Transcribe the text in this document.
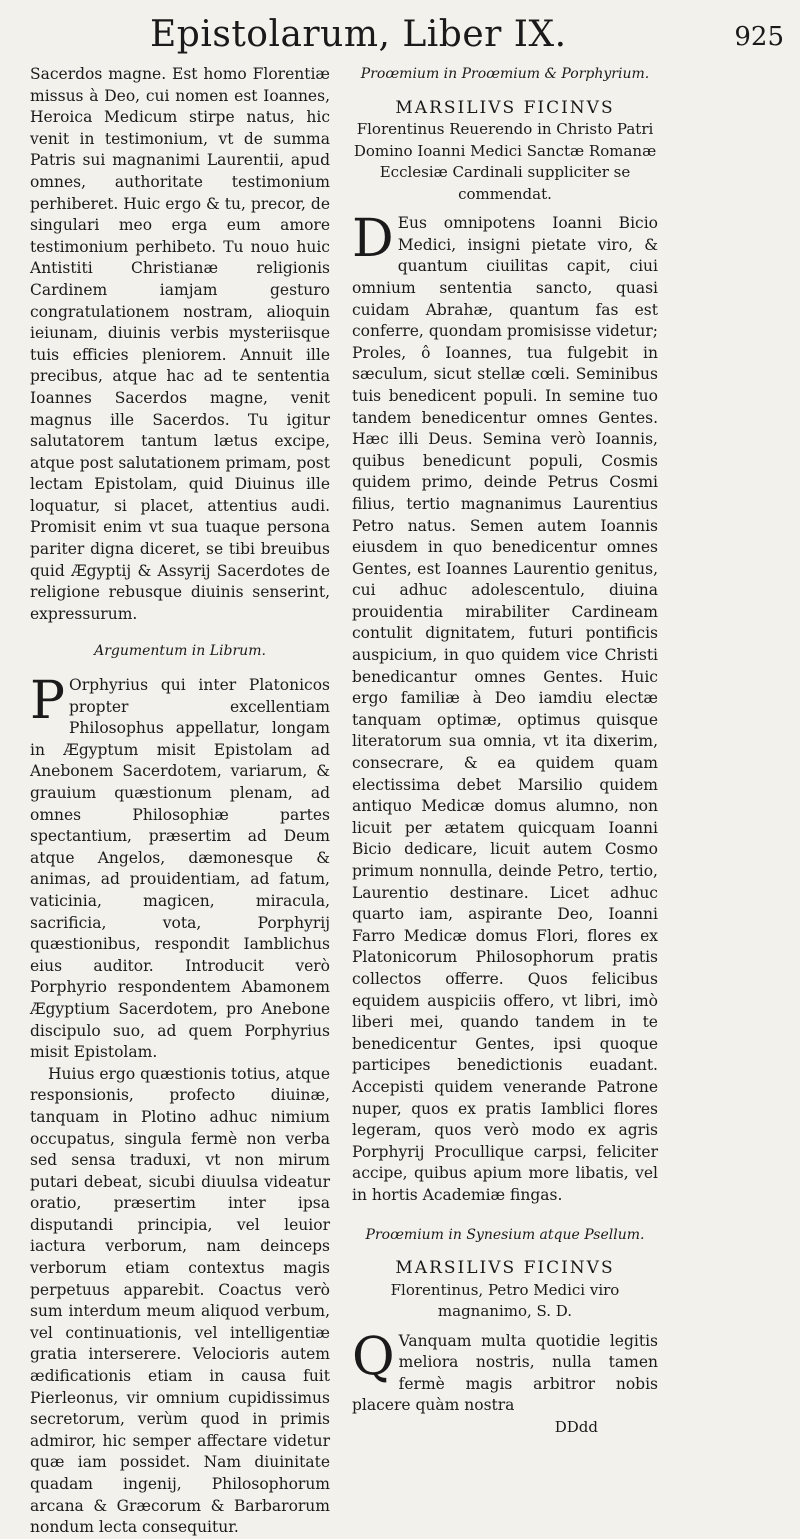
Epistolarum, Liber IX.	925

Sacerdos magne. Est homo Florentiæ missus à Deo, cui nomen est Ioannes, Heroica Medicum stirpe natus, hic venit in testimonium, vt de summa Patris sui magnanimi Laurentii, apud omnes, authoritate testimonium perhiberet. Huic ergo & tu, precor, de singulari meo erga eum amore testimonium perhibeto. Tu nouo huic Antistiti Christianæ religionis Cardinem iamjam gesturo congratulationem nostram, alioquin ieiunam, diuinis verbis mysteriisque tuis efficies pleniorem. Annuit ille precibus, atque hac ad te sententia Ioannes Sacerdos magne, venit magnus ille Sacerdos. Tu igitur salutatorem tantum lætus excipe, atque post salutationem primam, post lectam Epistolam, quid Diuinus ille loquatur, si placet, attentius audi. Promisit enim vt sua tuaque persona pariter digna diceret, se tibi breuibus quid Ægyptij & Assyrij Sacerdotes de religione rebusque diuinis senserint, expressurum.

Argumentum in Librum.

P Orphyrius qui inter Platonicos propter excellentiam Philosophus appellatur, longam in Ægyptum misit Epistolam ad Anebonem Sacerdotem, variarum, & grauium quæstionum plenam, ad omnes Philosophiæ partes spectantium, præsertim ad Deum atque Angelos, dæmonesque & animas, ad prouidentiam, ad fatum, vaticinia, magicen, miracula, sacrificia, vota, Porphyrij quæstionibus, respondit Iamblichus eius auditor. Introducit verò Porphyrio respondentem Abamonem Ægyptium Sacerdotem, pro Anebone discipulo suo, ad quem Porphyrius misit Epistolam.

Huius ergo quæstionis totius, atque responsionis, profecto diuinæ, tanquam in Plotino adhuc nimium occupatus, singula fermè non verba sed sensa traduxi, vt non mirum putari debeat, sicubi diuulsa videatur oratio, præsertim inter ipsa disputandi principia, vel leuior iactura verborum, nam deinceps verborum etiam contextus magis perpetuus apparebit. Coactus verò sum interdum meum aliquod verbum, vel continuationis, vel intelligentiæ gratia interserere. Velocioris autem ædificationis etiam in causa fuit Pierleonus, vir omnium cupidissimus secretorum, verùm quod in primis admiror, hic semper affectare videtur quæ iam possidet. Nam diuinitate quadam ingenij, Philosophorum arcana & Græcorum & Barbarorum nondum lecta consequitur.

Proœmium in Proœmium & Porphyrium.

MARSILIVS FICINVS

Florentinus Reuerendo in Christo Patri Domino Ioanni Medici Sanctæ Romanæ Ecclesiæ Cardinali suppliciter se commendat.

D Eus omnipotens Ioanni Bicio Medici, insigni pietate viro, & quantum ciuilitas capit, ciui omnium sententia sancto, quasi cuidam Abrahæ, quantum fas est conferre, quondam promisisse videtur; Proles, ô Ioannes, tua fulgebit in sæculum, sicut stellæ cœli. Seminibus tuis benedicent populi. In semine tuo tandem benedicentur omnes Gentes. Hæc illi Deus. Semina verò Ioannis, quibus benedicunt populi, Cosmis quidem primo, deinde Petrus Cosmi filius, tertio magnanimus Laurentius Petro natus. Semen autem Ioannis eiusdem in quo benedicentur omnes Gentes, est Ioannes Laurentio genitus, cui adhuc adolescentulo, diuina prouidentia mirabiliter Cardineam contulit dignitatem, futuri pontificis auspicium, in quo quidem vice Christi benedicantur omnes Gentes. Huic ergo familiæ à Deo iamdiu electæ tanquam optimæ, optimus quisque literatorum sua omnia, vt ita dixerim, consecrare, & ea quidem quam electissima debet Marsilio quidem antiquo Medicæ domus alumno, non licuit per ætatem quicquam Ioanni Bicio dedicare, licuit autem Cosmo primum nonnulla, deinde Petro, tertio, Laurentio destinare. Licet adhuc quarto iam, aspirante Deo, Ioanni Farro Medicæ domus Flori, flores ex Platonicorum Philosophorum pratis collectos offerre. Quos felicibus equidem auspiciis offero, vt libri, imò liberi mei, quando tandem in te benedicentur Gentes, ipsi quoque participes benedictionis euadant. Accepisti quidem venerande Patrone nuper, quos ex pratis Iamblici flores legeram, quos verò modo ex agris Porphyrij Procullique carpsi, feliciter accipe, quibus apium more libatis, vel in hortis Academiæ fingas.

Proœmium in Synesium atque Psellum.

MARSILIVS FICINVS

Florentinus, Petro Medici viro magnanimo, S. D.

Q Vanquam multa quotidie legitis meliora nostris, nulla tamen fermè magis arbitror nobis placere quàm nostra

DDdd
